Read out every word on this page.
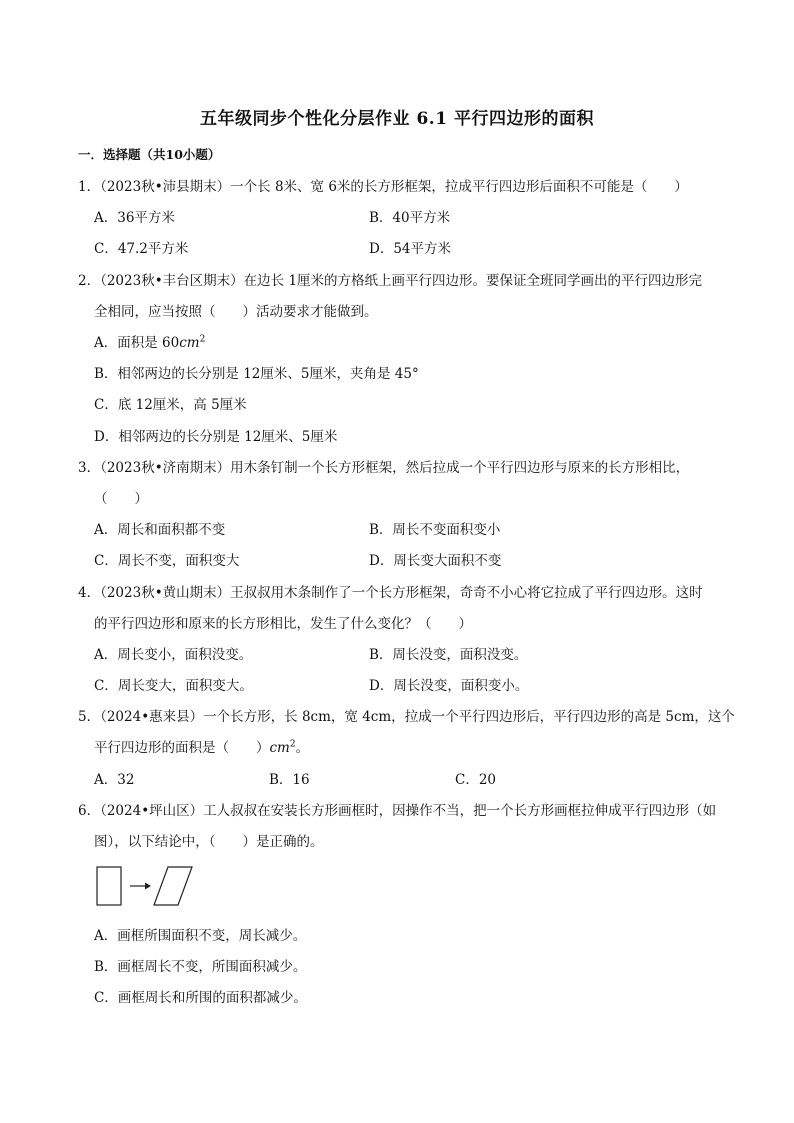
五年级同步个性化分层作业 6.1 平行四边形的面积
一．选择题（共10小题）
1．（2023秋•沛县期末）一个长 8米、宽 6米的长方形框架，拉成平行四边形后面积不可能是（　　）
A．36平方米	B．40平方米
C．47.2平方米	D．54平方米
2．（2023秋•丰台区期末）在边长 1厘米的方格纸上画平行四边形。要保证全班同学画出的平行四边形完
全相同，应当按照（　　）活动要求才能做到。
A．面积是 $60cm^2$
B．相邻两边的长分别是 12厘米、5厘米，夹角是 45°
C．底 12厘米，高 5厘米
D．相邻两边的长分别是 12厘米、5厘米
3．（2023秋•济南期末）用木条钉制一个长方形框架，然后拉成一个平行四边形与原来的长方形相比，
（　　）
A．周长和面积都不变	B．周长不变面积变小
C．周长不变，面积变大	D．周长变大面积不变
4．（2023秋•黄山期末）王叔叔用木条制作了一个长方形框架，奇奇不小心将它拉成了平行四边形。这时
的平行四边形和原来的长方形相比，发生了什么变化？（　　）
A．周长变小，面积没变。	B．周长没变，面积没变。
C．周长变大，面积变大。	D．周长没变，面积变小。
5．（2024•惠来县）一个长方形，长 8cm，宽 4cm，拉成一个平行四边形后，平行四边形的高是 5cm，这个
平行四边形的面积是（　　）$cm^2$。
A．32	B．16	C．20
6．（2024•坪山区）工人叔叔在安装长方形画框时，因操作不当，把一个长方形画框拉伸成平行四边形（如
图），以下结论中，（　　）是正确的。
A．画框所围面积不变，周长减少。
B．画框周长不变，所围面积减少。
C．画框周长和所围的面积都减少。
